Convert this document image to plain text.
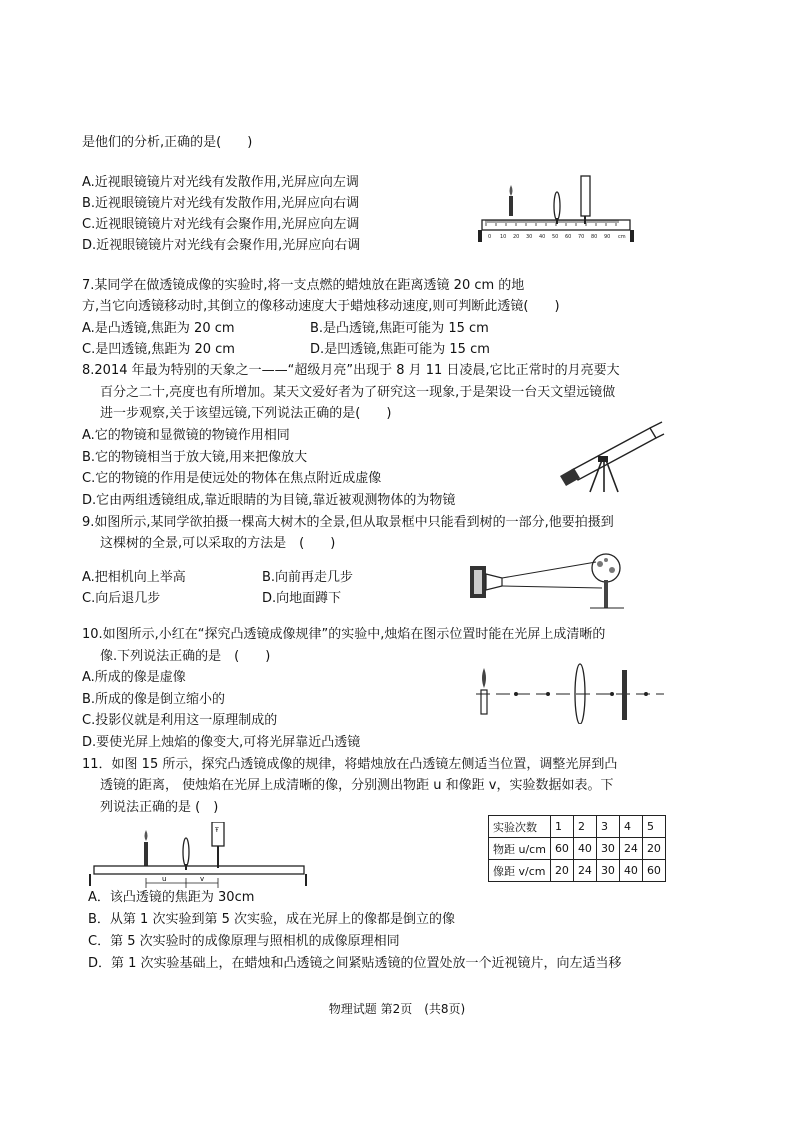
是他们的分析,正确的是(　　)
A.近视眼镜镜片对光线有发散作用,光屏应向左调
B.近视眼镜镜片对光线有发散作用,光屏应向右调
C.近视眼镜镜片对光线有会聚作用,光屏应向左调
D.近视眼镜镜片对光线有会聚作用,光屏应向右调
0 10 20 30 40 50 60 70 80 90 cm
7.某同学在做透镜成像的实验时,将一支点燃的蜡烛放在距离透镜 20 cm 的地
方,当它向透镜移动时,其倒立的像移动速度大于蜡烛移动速度,则可判断此透镜(　　)
A.是凸透镜,焦距为 20 cm	B.是凸透镜,焦距可能为 15 cm
C.是凹透镜,焦距为 20 cm	D.是凹透镜,焦距可能为 15 cm
8.2014 年最为特别的天象之一——“超级月亮”出现于 8 月 11 日凌晨,它比正常时的月亮要大
百分之二十,亮度也有所增加。某天文爱好者为了研究这一现象,于是架设一台天文望远镜做
进一步观察,关于该望远镜,下列说法正确的是(　　)
A.它的物镜和显微镜的物镜作用相同
B.它的物镜相当于放大镜,用来把像放大
C.它的物镜的作用是使远处的物体在焦点附近成虚像
D.它由两组透镜组成,靠近眼睛的为目镜,靠近被观测物体的为物镜
9.如图所示,某同学欲拍摄一棵高大树木的全景,但从取景框中只能看到树的一部分,他要拍摄到
这棵树的全景,可以采取的方法是　(　　)
A.把相机向上举高	B.向前再走几步
C.向后退几步	D.向地面蹲下
10.如图所示,小红在“探究凸透镜成像规律”的实验中,烛焰在图示位置时能在光屏上成清晰的
像.下列说法正确的是　(　　)
A.所成的像是虚像
B.所成的像是倒立缩小的
C.投影仪就是利用这一原理制成的
D.要使光屏上烛焰的像变大,可将光屏靠近凸透镜
11．如图 15 所示，探究凸透镜成像的规律，将蜡烛放在凸透镜左侧适当位置，调整光屏到凸
透镜的距离， 使烛焰在光屏上成清晰的像，分别测出物距 u 和像距 v，实验数据如表。下
列说法正确的是 (　)
实验次数	1	2	3	4	5
物距 u/cm	60	40	30	24	20
像距 v/cm	20	24	30	40	60
Ŧ
u	v
A．该凸透镜的焦距为 30cm
B．从第 1 次实验到第 5 次实验，成在光屏上的像都是倒立的像
C．第 5 次实验时的成像原理与照相机的成像原理相同
D．第 1 次实验基础上，在蜡烛和凸透镜之间紧贴透镜的位置处放一个近视镜片，向左适当移
物理试题 第2页　(共8页)
